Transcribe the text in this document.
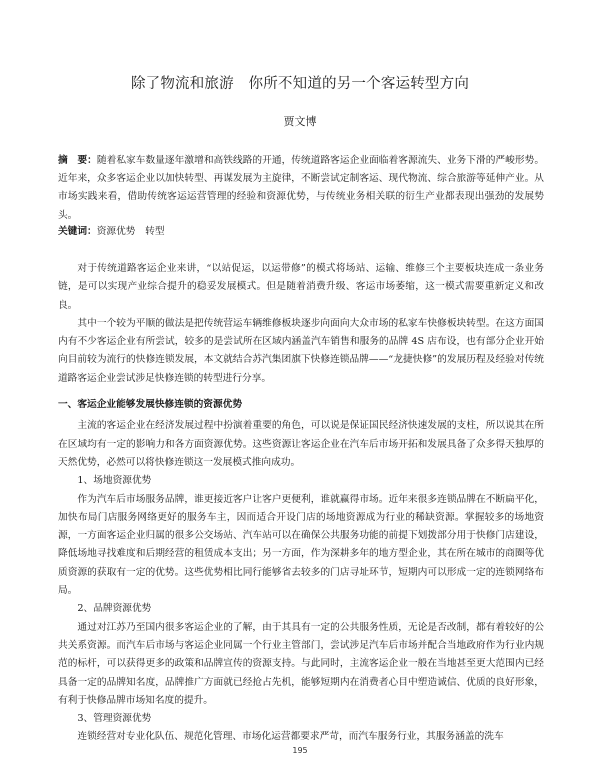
除了物流和旅游　你所不知道的另一个客运转型方向
贾文博
摘　要：随着私家车数量逐年激增和高铁线路的开通，传统道路客运企业面临着客源流失、业务下滑的严峻形势。近年来，众多客运企业以加快转型、再谋发展为主旋律，不断尝试定制客运、现代物流、综合旅游等延伸产业。从市场实践来看，借助传统客运运营管理的经验和资源优势，与传统业务相关联的衍生产业都表现出强劲的发展势头。
关键词：资源优势　转型

对于传统道路客运企业来讲，“以站促运，以运带修”的模式将场站、运输、维修三个主要板块连成一条业务链，是可以实现产业综合提升的稳妥发展模式。但是随着消费升级、客运市场萎缩，这一模式需要重新定义和改良。

其中一个较为平顺的做法是把传统营运车辆维修板块逐步向面向大众市场的私家车快修板块转型。在这方面国内有不少客运企业有所尝试，较多的是尝试所在区域内涵盖汽车销售和服务的品牌 4S 店布设，也有部分企业开始向目前较为流行的快修连锁发展，本文就结合苏汽集团旗下快修连锁品牌——“龙捷快修”的发展历程及经验对传统道路客运企业尝试涉足快修连锁的转型进行分享。

一、客运企业能够发展快修连锁的资源优势

主流的客运企业在经济发展过程中扮演着重要的角色，可以说是保证国民经济快速发展的支柱，所以说其在所在区域均有一定的影响力和各方面资源优势。这些资源让客运企业在汽车后市场开拓和发展具备了众多得天独厚的天然优势，必然可以将快修连锁这一发展模式推向成功。

1、场地资源优势

作为汽车后市场服务品牌，谁更接近客户让客户更便利，谁就赢得市场。近年来很多连锁品牌在不断扁平化，加快布局门店服务网络更好的服务车主，因而适合开设门店的场地资源成为行业的稀缺资源。掌握较多的场地资源，一方面客运企业归属的很多公交场站、汽车站可以在确保公共服务功能的前提下划拨部分用于快修门店建设，降低场地寻找难度和后期经营的租赁成本支出；另一方面，作为深耕多年的地方型企业，其在所在城市的商圈等优质资源的获取有一定的优势。这些优势相比同行能够省去较多的门店寻址环节，短期内可以形成一定的连锁网络布局。

2、品牌资源优势

通过对江苏乃至国内很多客运企业的了解，由于其具有一定的公共服务性质，无论是否改制，都有着较好的公共关系资源。而汽车后市场与客运企业同属一个行业主管部门，尝试涉足汽车后市场并配合当地政府作为行业内规范的标杆，可以获得更多的政策和品牌宣传的资源支持。与此同时，主流客运企业一般在当地甚至更大范围内已经具备一定的品牌知名度，品牌推广方面就已经抢占先机，能够短期内在消费者心目中塑造诚信、优质的良好形象，有利于快修品牌市场知名度的提升。

3、管理资源优势

连锁经营对专业化队伍、规范化管理、市场化运营都要求严苛，而汽车服务行业，其服务涵盖的洗车

195
